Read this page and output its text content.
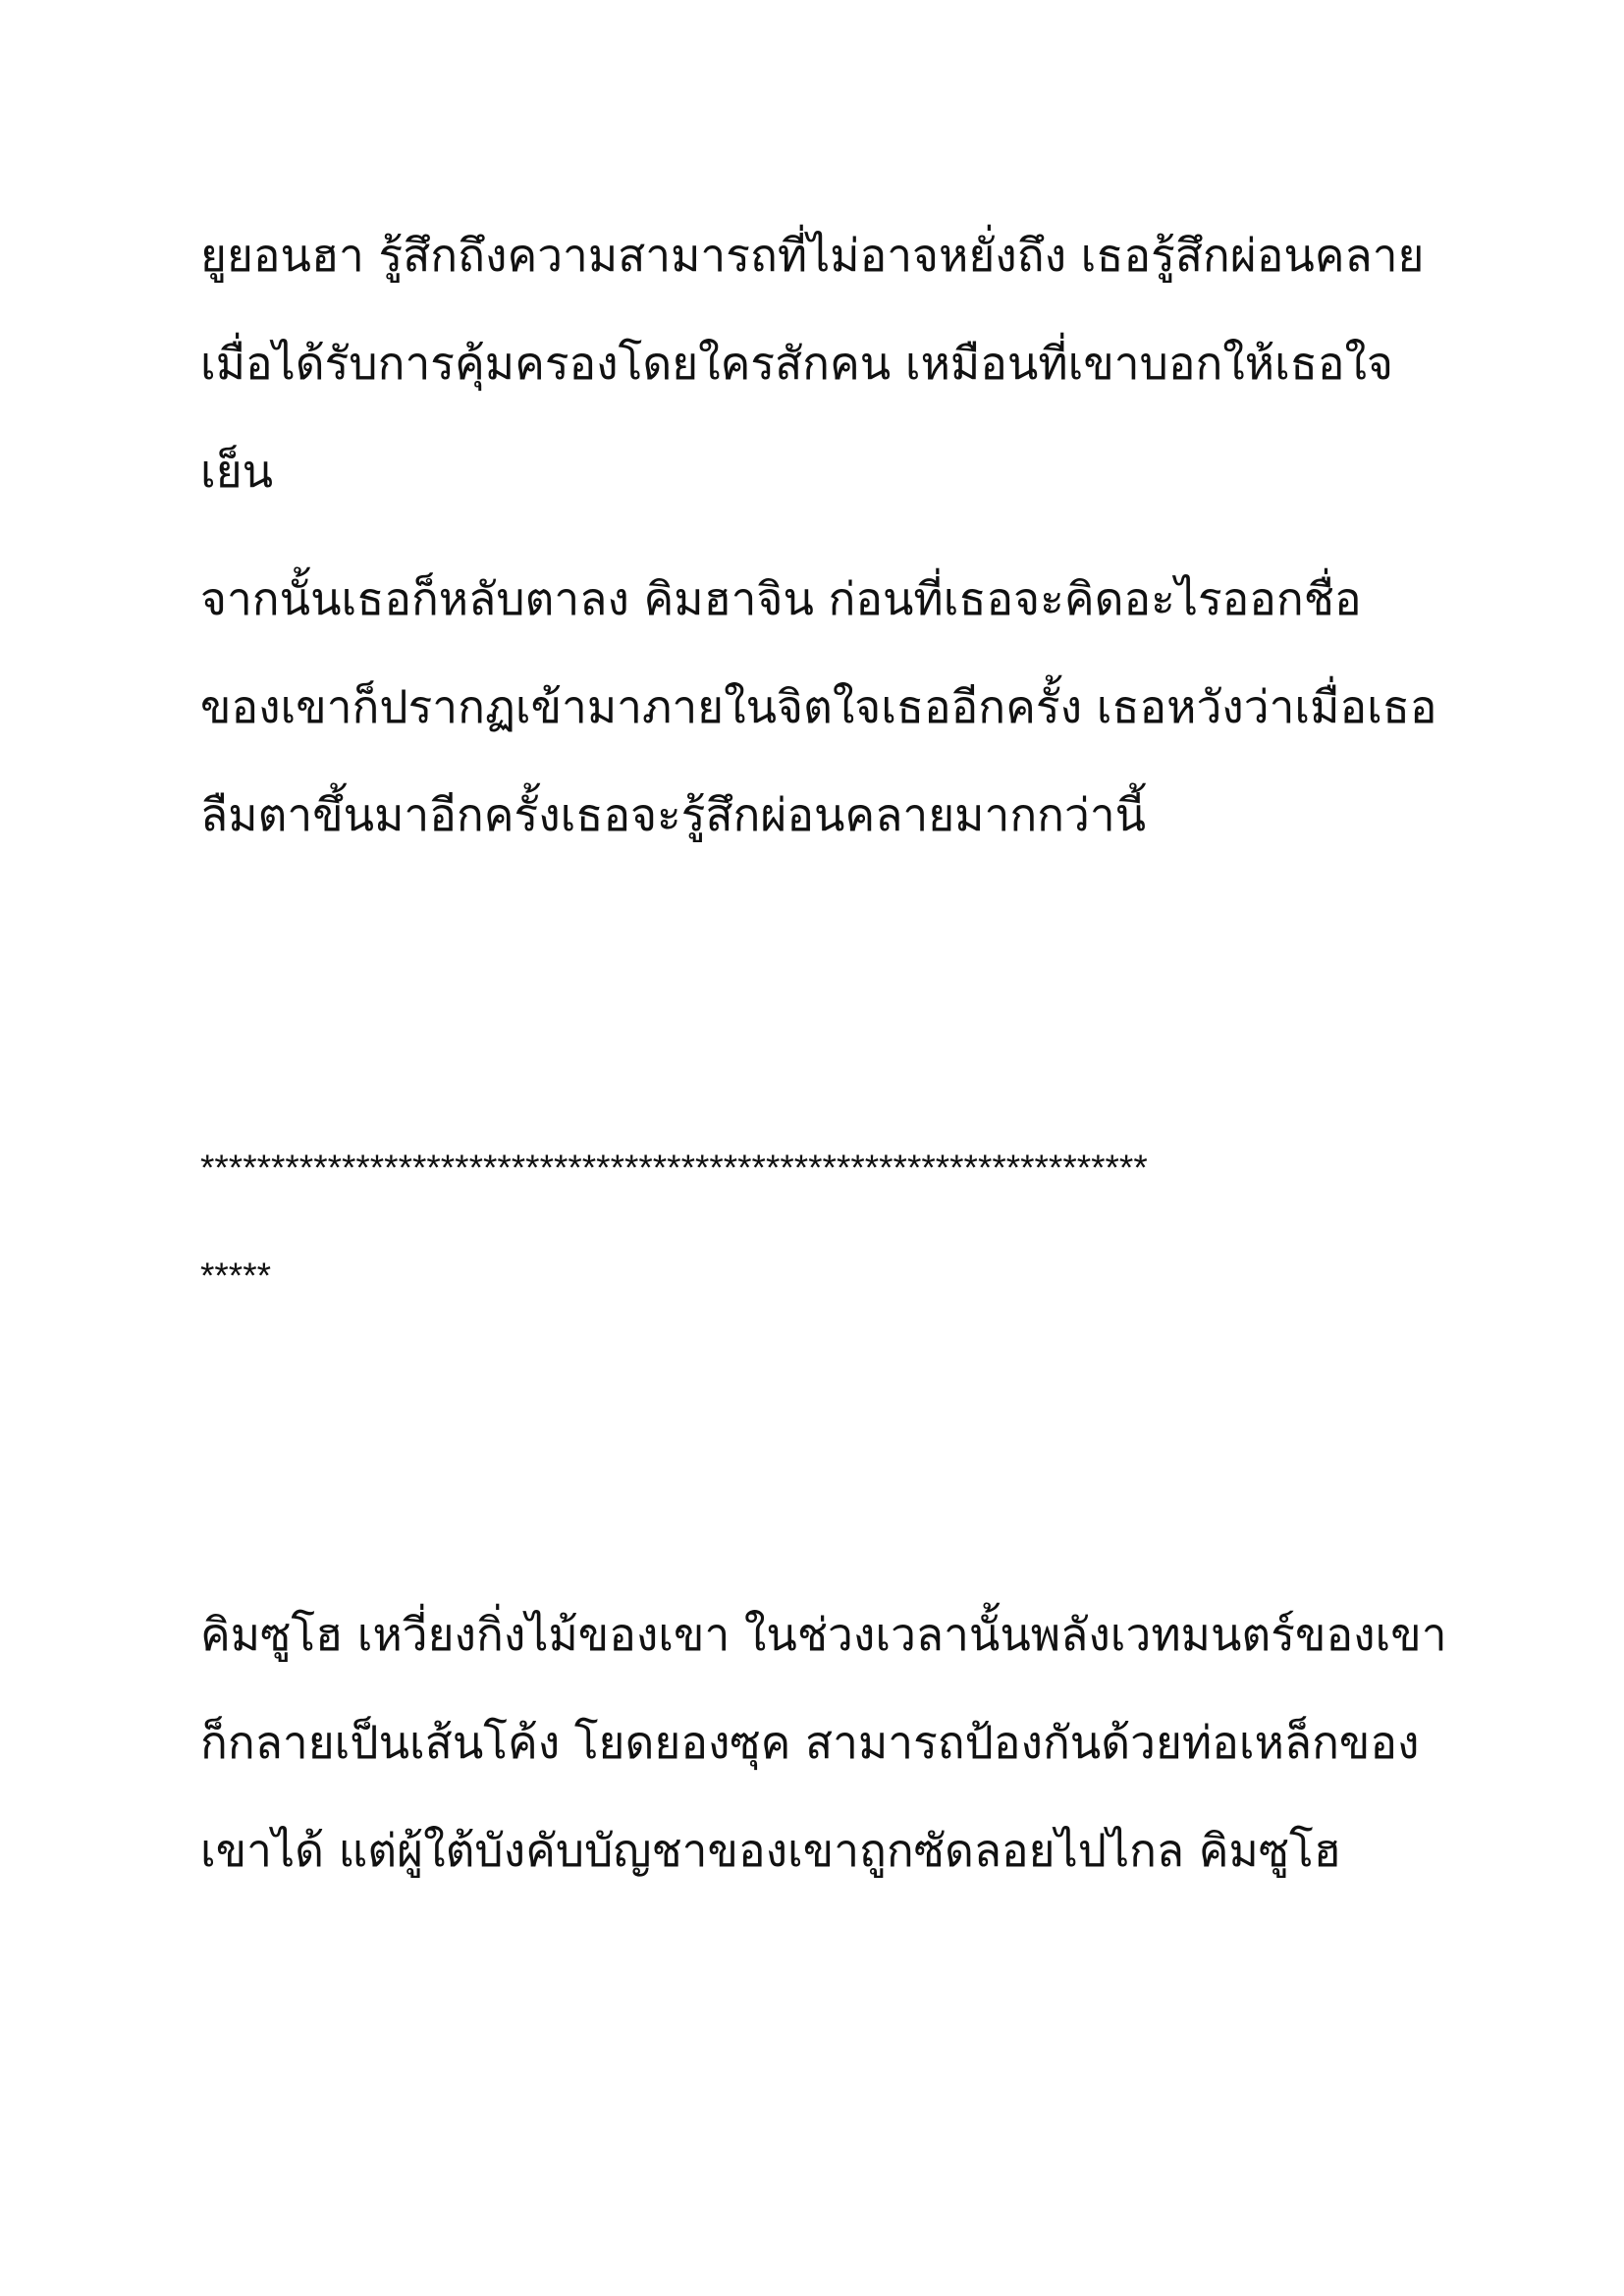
ยูยอนฮา รู้สึกถึงความสามารถที่ไม่อาจหยั่งถึง เธอรู้สึกผ่อนคลาย

เมื่อได้รับการคุ้มครองโดยใครสักคน เหมือนที่เขาบอกให้เธอใจ

เย็น

จากนั้นเธอก็หลับตาลง คิมฮาจิน ก่อนที่เธอจะคิดอะไรออกชื่อ

ของเขาก็ปรากฏเข้ามาภายในจิตใจเธออีกครั้ง เธอหวังว่าเมื่อเธอ

ลืมตาขึ้นมาอีกครั้งเธอจะรู้สึกผ่อนคลายมากกว่านี้

*******************************************************************

*****

คิมซูโฮ เหวี่ยงกิ่งไม้ของเขา ในช่วงเวลานั้นพลังเวทมนตร์ของเขา

ก็กลายเป็นเส้นโค้ง โยดยองซุค สามารถป้องกันด้วยท่อเหล็กของ

เขาได้ แต่ผู้ใต้บังคับบัญชาของเขาถูกซัดลอยไปไกล คิมซูโฮ
